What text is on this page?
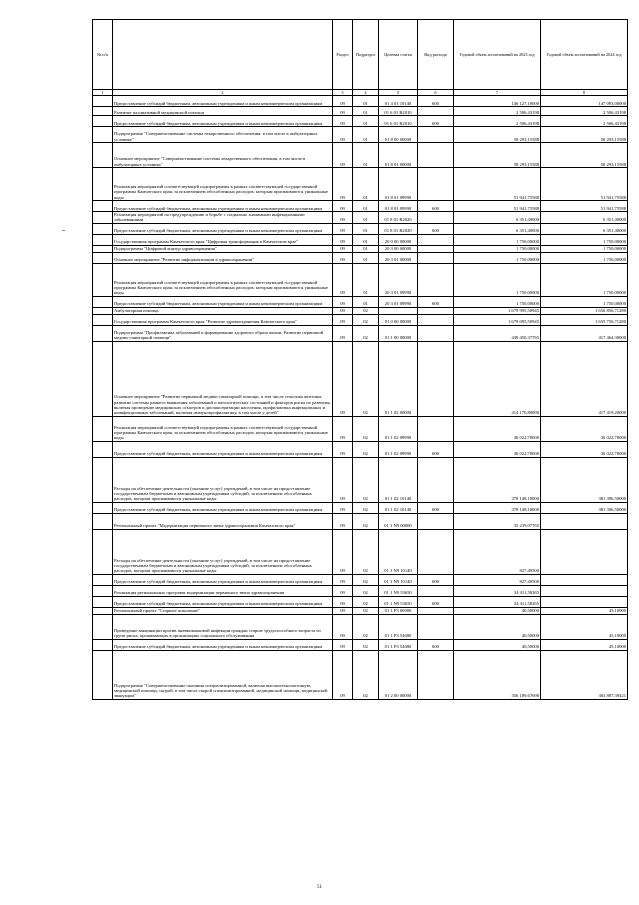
№ п/п		Раздел	Подраздел	Целевая статья	Вид расхода	Годовой объем ассигнований на 2023 год	Годовой объем ассигнований на 2024 год
1	2	3	4	5	6	7	8
	Предоставление субсидий бюджетным, автономным учреждениям и иным некоммерческим организациям	09	01	01 4 01 10140	600	146 127,10000	147 093,00000
	Развитие паллиативной медицинской помощи	09	01	01 6 01 R2010		2 506,43198	2 506,43198
	Предоставление субсидий бюджетным, автономным учреждениям и иным некоммерческим организациям	09	01	01 6 01 R2010	600	2 506,43198	2 506,43198
	Подпрограмма "Совершенствование системы лекарственного обеспечения, в том числе в амбулаторных условиях"	09	01	01 8 00 00000		58 293,15588	58 293,15588
	Основное мероприятие "Совершенствование системы лекарственного обеспечения, в том числе в амбулаторных условиях"	09	01	01 8 01 00000		58 293,15588	58 293,15588
	Реализация мероприятий соответствующей подпрограммы в рамках соответствующей государственной программы Камчатского края, за исключением обособленных расходов, которым присваиваются уникальные коды	09	01	01 8 01 09990		51 941,75588	51 941,75588
	Предоставление субсидий бюджетным, автономным учреждениям и иным некоммерческим организациям	09	01	01 8 01 09990	600	51 941,75588	51 941,75588
	Реализация мероприятий по предупреждению и борьбе с социально значимыми инфекционными заболеваниями	09	01	01 8 01 R2020		6 351,40000	6 351,40000
	Предоставление субсидий бюджетным, автономным учреждениям и иным некоммерческим организациям	09	01	01 8 01 R2020	600	6 351,40000	6 351,40000
	Государственная программа Камчатского края "Цифровая трансформация в Камчатском крае"	09	01	20 0 00 00000		1 750,00000	1 750,00000
	Подпрограмма "Цифровой контур здравоохранения"	09	01	20 3 00 00000		1 750,00000	1 750,00000
	Основное мероприятие "Развитие информатизации в здравоохранении"	09	01	20 3 01 00000		1 750,00000	1 750,00000
	Реализация мероприятий соответствующей подпрограммы в рамках соответствующей государственной программы Камчатского края, за исключением обособленных расходов, которым присваиваются уникальные коды	09	01	20 3 01 09990		1 750,00000	1 750,00000
	Предоставление субсидий бюджетным, автономным учреждениям и иным некоммерческим организациям	09	01	20 3 01 09990	600	1 750,00000	1 750,00000
	Амбулаторная помощь	09	02			1 679 995,50945	1 656 856,71280
	Государственная программа Камчатского края "Развитие здравоохранения Камчатского края"	09	02	01 0 00 00000		1 679 095,50945	1 655 756,71280
	Подпрограмма "Профилактика заболеваний и формирование здорового образа жизни. Развитие первичной медико-санитарной помощи"	09	02	01 1 00 00000		449 450,37765	417 464,30000
	Основное мероприятие "Развитие первичной медико-санитарной помощи, в том числе сельским жителям, развитие системы раннего выявления заболеваний и патологических состояний и факторов риска их развития, включая проведение медицинских осмотров и диспансеризации населения, профилактика инфекционных и неинфекционных заболеваний, включая иммунопрофилактику, в том числе у детей"	09	02	01 1 02 00000		414 170,80000	417 419,20000
	Реализация мероприятий соответствующей подпрограммы в рамках соответствующей государственной программы Камчатского края, за исключением обособленных расходов, которым присваиваются уникальные коды	09	02	01 1 02 09990		36 022,70000	36 022,70000
	Предоставление субсидий бюджетным, автономным учреждениям и иным некоммерческим организациям	09	02	01 1 02 09990	600	36 022,70000	36 022,70000
	Расходы на обеспечение деятельности (оказание услуг) учреждений, в том числе на предоставление государственным бюджетным и автономным учреждениям субсидий, за исключением обособленных расходов, которым присваиваются уникальные коды	09	02	01 1 02 10140		378 148,10000	381 396,50000
	Предоставление субсидий бюджетным, автономным учреждениям и иным некоммерческим организациям	09	02	01 1 02 10140	600	378 148,10000	381 396,50000
	Региональный проект "Модернизация первичного звена здравоохранения Камчатского края"	09	02	01 1 N9 00000		35 239,07765	
	Расходы на обеспечение деятельности (оказание услуг) учреждений, в том числе на предоставление государственным бюджетным и автономным учреждениям субсидий, за исключением обособленных расходов, которым присваиваются уникальные коды	09	02	01 1 N9 10140		827,49500	
	Предоставление субсидий бюджетным, автономным учреждениям и иным некоммерческим организациям	09	02	01 1 N9 10140	600	827,49500	
	Реализация региональных программ модернизации первичного звена здравоохранения	09	02	01 1 N9 53650		34 411,58265	
	Предоставление субсидий бюджетным, автономным учреждениям и иным некоммерческим организациям	09	02	01 1 N9 53650	600	34 411,58265	
	Региональный проект "Старшее поколение"	09	02	01 1 P3 00000		40,50000	45,10000
	Проведение вакцинации против пневмококковой инфекции граждан старше трудоспособного возраста из групп риска, проживающих в организациях социального обслуживания	09	02	01 1 P3 54680		40,50000	45,10000
	Предоставление субсидий бюджетным, автономным учреждениям и иным некоммерческим организациям	09	02	01 1 P3 54680	600	40,50000	45,10000
	Подпрограмма "Совершенствование оказания специализированной, включая высокотехнологичную, медицинской помощи, скорой, в том числе скорой специализированной, медицинской помощи, медицинской эвакуации"	09	02	01 2 00 00000		356 189,67698	363 887,39421
51
